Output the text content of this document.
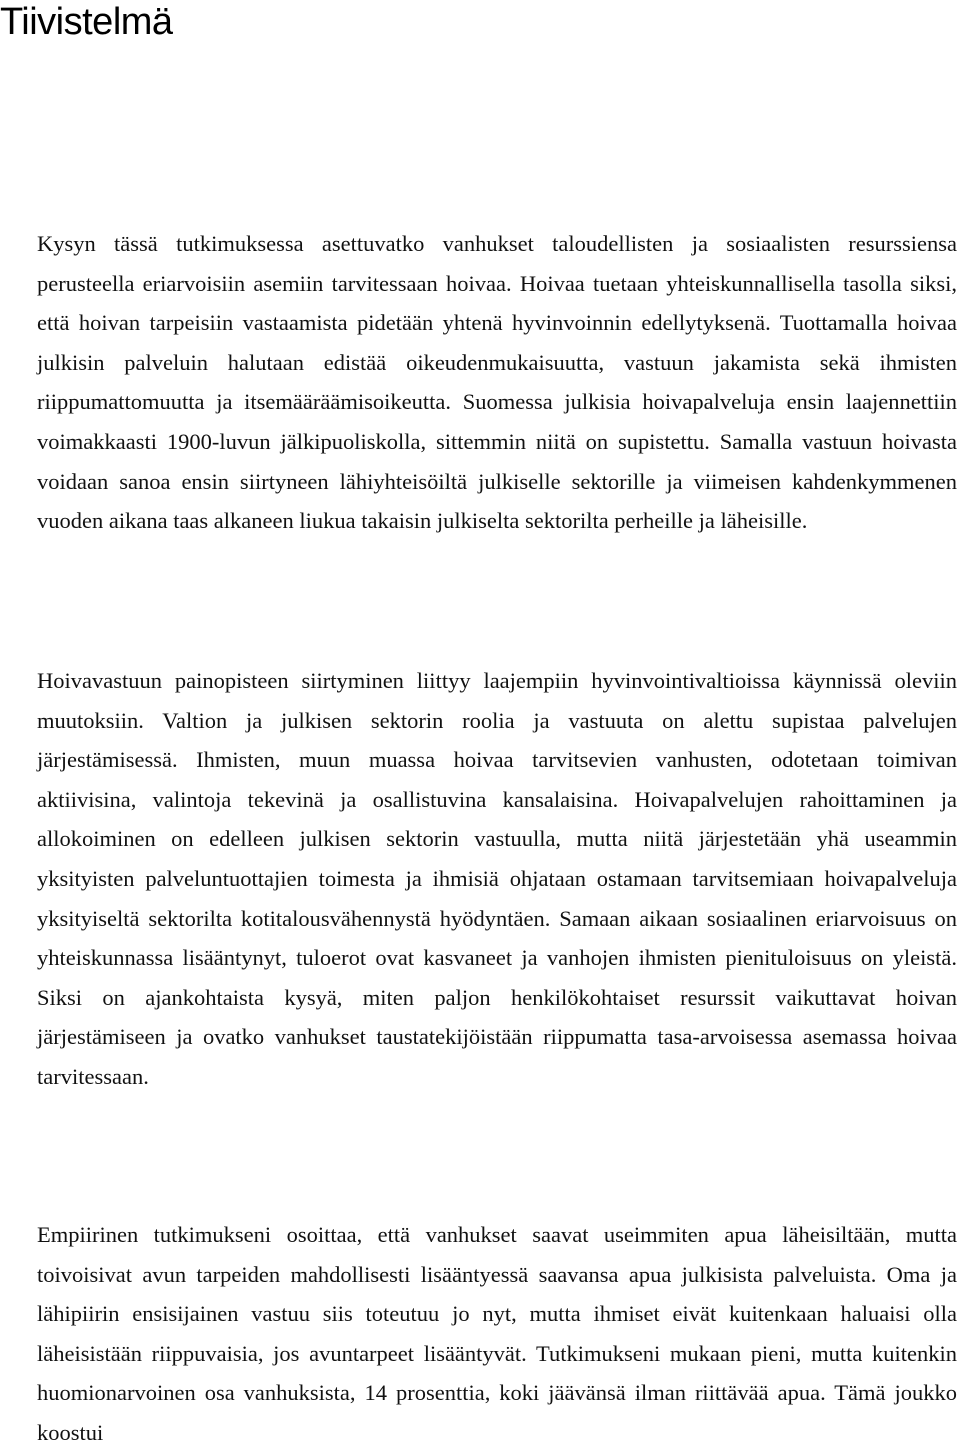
Tiivistelmä

Kysyn tässä tutkimuksessa asettuvatko vanhukset taloudellisten ja sosiaalisten resurssiensa perusteella eriarvoisiin asemiin tarvitessaan hoivaa. Hoivaa tuetaan yhteiskunnallisella tasolla siksi, että hoivan tarpeisiin vastaamista pidetään yhtenä hyvinvoinnin edellytyksenä. Tuottamalla hoivaa julkisin palveluin halutaan edistää oikeudenmukaisuutta, vastuun jakamista sekä ihmisten riippumattomuutta ja itsemääräämisoikeutta. Suomessa julkisia hoivapalveluja ensin laajennettiin voimakkaasti 1900-luvun jälkipuoliskolla, sittemmin niitä on supistettu. Samalla vastuun hoivasta voidaan sanoa ensin siirtyneen lähiyhteisöiltä julkiselle sektorille ja viimeisen kahdenkymmenen vuoden aikana taas alkaneen liukua takaisin julkiselta sektorilta perheille ja läheisille.

Hoivavastuun painopisteen siirtyminen liittyy laajempiin hyvinvointivaltioissa käynnissä oleviin muutoksiin. Valtion ja julkisen sektorin roolia ja vastuuta on alettu supistaa palvelujen järjestämisessä. Ihmisten, muun muassa hoivaa tarvitsevien vanhusten, odotetaan toimivan aktiivisina, valintoja tekevinä ja osallistuvina kansalaisina. Hoivapalvelujen rahoittaminen ja allokoiminen on edelleen julkisen sektorin vastuulla, mutta niitä järjestetään yhä useammin yksityisten palveluntuottajien toimesta ja ihmisiä ohjataan ostamaan tarvitsemiaan hoivapalveluja yksityiseltä sektorilta kotitalousvähennystä hyödyntäen. Samaan aikaan sosiaalinen eriarvoisuus on yhteiskunnassa lisääntynyt, tuloerot ovat kasvaneet ja vanhojen ihmisten pienituloisuus on yleistä. Siksi on ajankohtaista kysyä, miten paljon henkilökohtaiset resurssit vaikuttavat hoivan järjestämiseen ja ovatko vanhukset taustatekijöistään riippumatta tasa-arvoisessa asemassa hoivaa tarvitessaan.

Empiirinen tutkimukseni osoittaa, että vanhukset saavat useimmiten apua läheisiltään, mutta toivoisivat avun tarpeiden mahdollisesti lisääntyessä saavansa apua julkisista palveluista. Oma ja lähipiirin ensisijainen vastuu siis toteutuu jo nyt, mutta ihmiset eivät kuitenkaan haluaisi olla läheisistään riippuvaisia, jos avuntarpeet lisääntyvät. Tutkimukseni mukaan pieni, mutta kuitenkin huomionarvoinen osa vanhuksista, 14 prosenttia, koki jäävänsä ilman riittävää apua. Tämä joukko koostui
